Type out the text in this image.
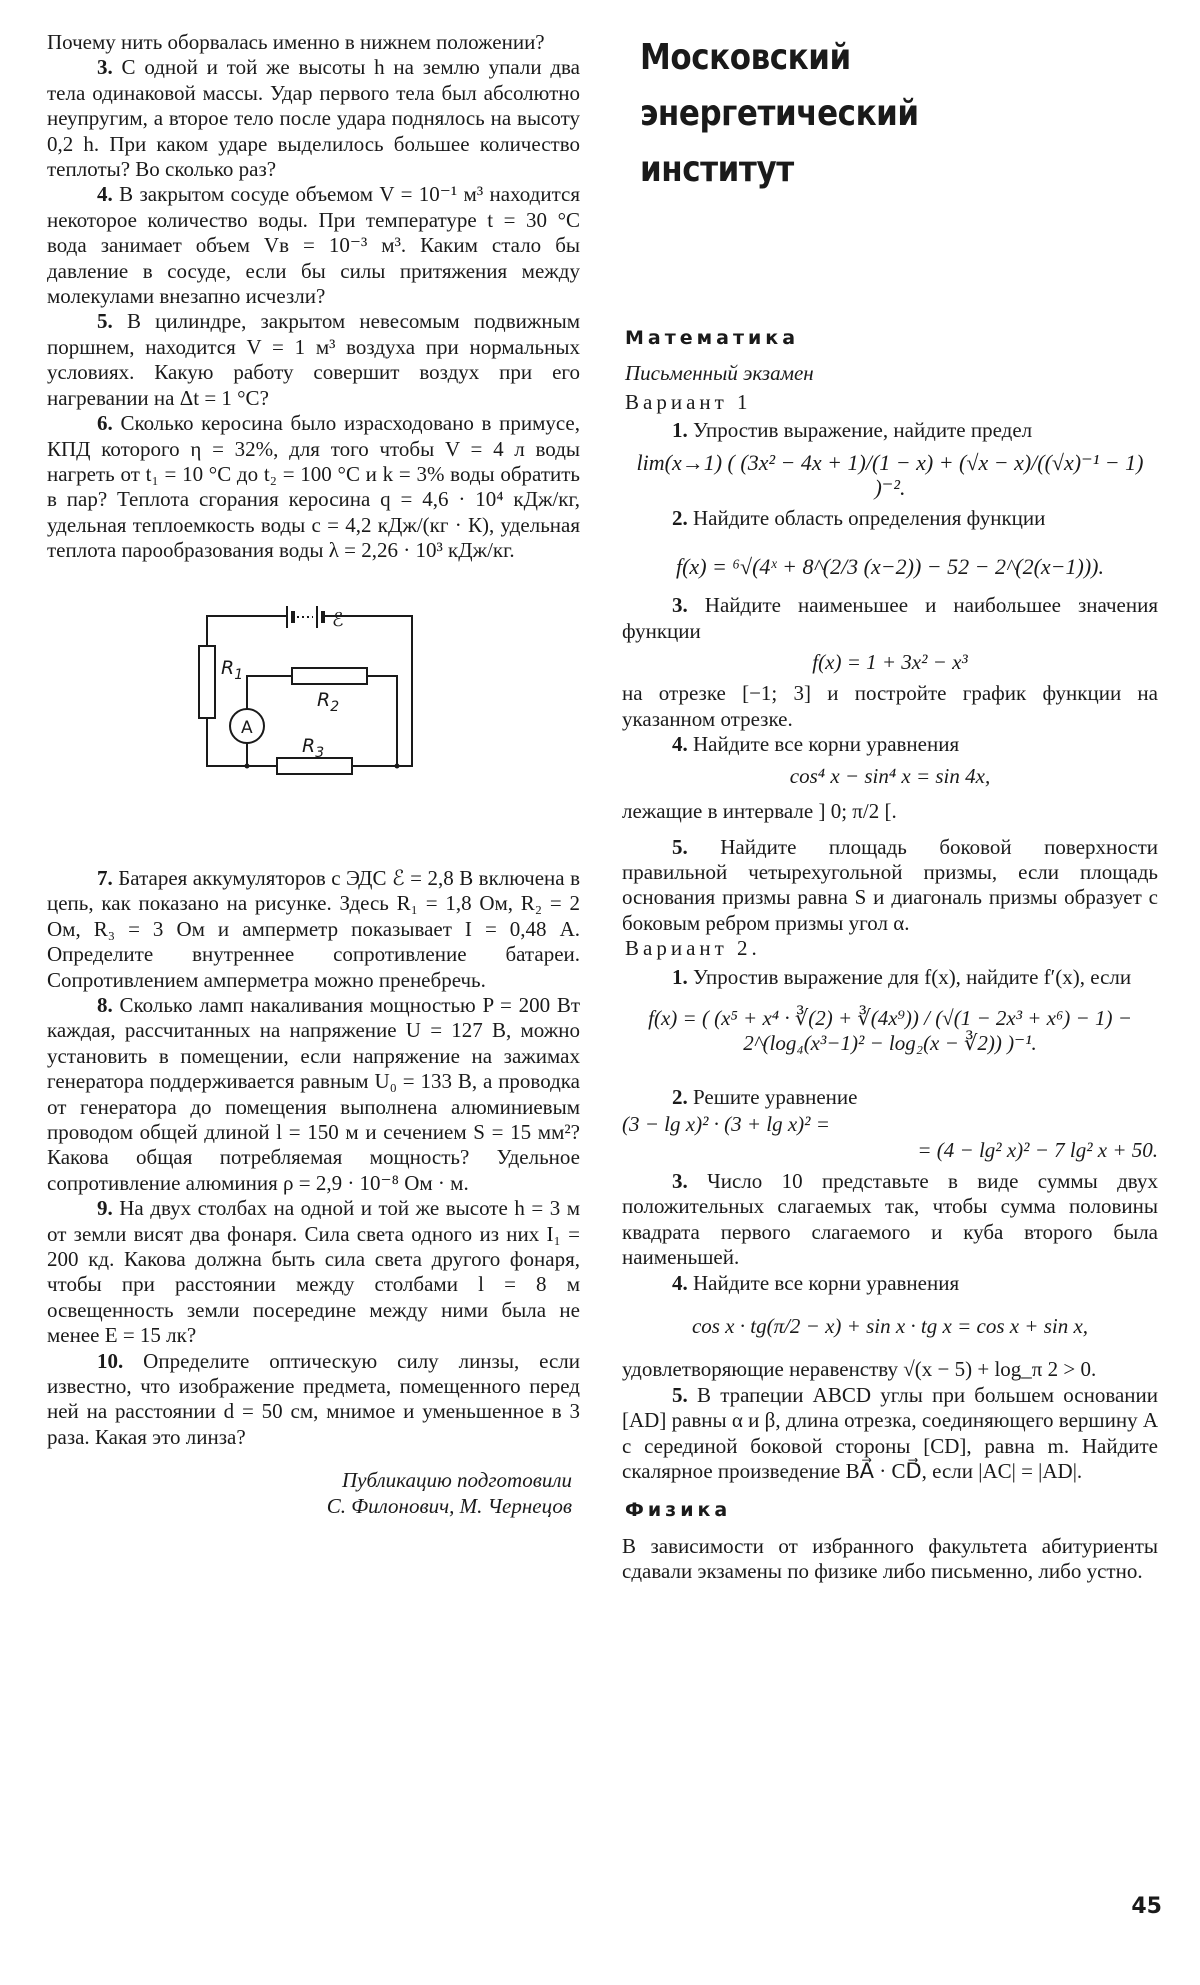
Почему нить оборвалась именно в нижнем положении?

3. С одной и той же высоты h на землю упали два тела одинаковой массы. Удар первого тела был абсолютно неупругим, а второе тело после удара поднялось на высоту 0,2 h. При каком ударе выделилось большее количество теплоты? Во сколько раз?

4. В закрытом сосуде объемом V = 10⁻¹ м³ находится некоторое количество воды. При температуре t = 30 °C вода занимает объем Vв = 10⁻³ м³. Каким стало бы давление в сосуде, если бы силы притяжения между молекулами внезапно исчезли?

5. В цилиндре, закрытом невесомым подвижным поршнем, находится V = 1 м³ воздуха при нормальных условиях. Какую работу совершит воздух при его нагревании на Δt = 1 °C?

6. Сколько керосина было израсходовано в примусе, КПД которого η = 32%, для того чтобы V = 4 л воды нагреть от t₁ = 10 °C до t₂ = 100 °C и k = 3% воды обратить в пар? Теплота сгорания керосина q = 4,6 · 10⁴ кДж/кг, удельная теплоемкость воды c = 4,2 кДж/(кг · К), удельная теплота парообразования воды λ = 2,26 · 10³ кДж/кг.

ℰ
$R_1$
$R_2$
$R_3$
A

7. Батарея аккумуляторов с ЭДС ℰ = 2,8 В включена в цепь, как показано на рисунке. Здесь R₁ = 1,8 Ом, R₂ = 2 Ом, R₃ = 3 Ом и амперметр показывает I = 0,48 А. Определите внутреннее сопротивление батареи. Сопротивлением амперметра можно пренебречь.

8. Сколько ламп накаливания мощностью P = 200 Вт каждая, рассчитанных на напряжение U = 127 В, можно установить в помещении, если напряжение на зажимах генератора поддерживается равным U₀ = 133 В, а проводка от генератора до помещения выполнена алюминиевым проводом общей длиной l = 150 м и сечением S = 15 мм²? Какова общая потребляемая мощность? Удельное сопротивление алюминия ρ = 2,9 · 10⁻⁸ Ом · м.

9. На двух столбах на одной и той же высоте h = 3 м от земли висят два фонаря. Сила света одного из них I₁ = 200 кд. Какова должна быть сила света другого фонаря, чтобы при расстоянии между столбами l = 8 м освещенность земли посередине между ними была не менее E = 15 лк?

10. Определите оптическую силу линзы, если известно, что изображение предмета, помещенного перед ней на расстоянии d = 50 см, мнимое и уменьшенное в 3 раза. Какая это линза?

Публикацию подготовили
С. Филонович, М. Чернецов
Московский
энергетический
институт
Математика
Письменный экзамен
Вариант 1

1. Упростив выражение, найдите предел

lim(x→1) ( (3x² − 4x + 1)/(1 − x) + (√x − x)/((√x)⁻¹ − 1) )⁻².

2. Найдите область определения функции

f(x) = ⁶√(4ˣ + 8^(2/3 (x−2)) − 52 − 2^(2(x−1))).

3. Найдите наименьшее и наибольшее значения функции

f(x) = 1 + 3x² − x³

на отрезке [−1; 3] и постройте график функции на указанном отрезке.

4. Найдите все корни уравнения

cos⁴ x − sin⁴ x = sin 4x,

лежащие в интервале ] 0; π/2 [.

5. Найдите площадь боковой поверхности правильной четырехугольной призмы, если площадь основания призмы равна S и диагональ призмы образует с боковым ребром призмы угол α.

Вариант 2.

1. Упростив выражение для f(x), найдите f′(x), если

f(x) = ( (x⁵ + x⁴ · ∛(2) + ∛(4x⁹)) / (√(1 − 2x³ + x⁶) − 1) − 2^(log₄(x³−1)² − log₂(x − ∛2)) )⁻¹.

2. Решите уравнение

(3 − lg x)² · (3 + lg x)² =
= (4 − lg² x)² − 7 lg² x + 50.

3. Число 10 представьте в виде суммы двух положительных слагаемых так, чтобы сумма половины квадрата первого слагаемого и куба второго была наименьшей.

4. Найдите все корни уравнения

cos x · tg(π/2 − x) + sin x · tg x = cos x + sin x,

удовлетворяющие неравенству √(x − 5) + log_π 2 > 0.

5. В трапеции ABCD углы при большем основании [AD] равны α и β, длина отрезка, соединяющего вершину A с серединой боковой стороны [CD], равна m. Найдите скалярное произведение BA⃗ · CD⃗, если |AC| = |AD|.

Физика

В зависимости от избранного факультета абитуриенты сдавали экзамены по физике либо письменно, либо устно.

45
